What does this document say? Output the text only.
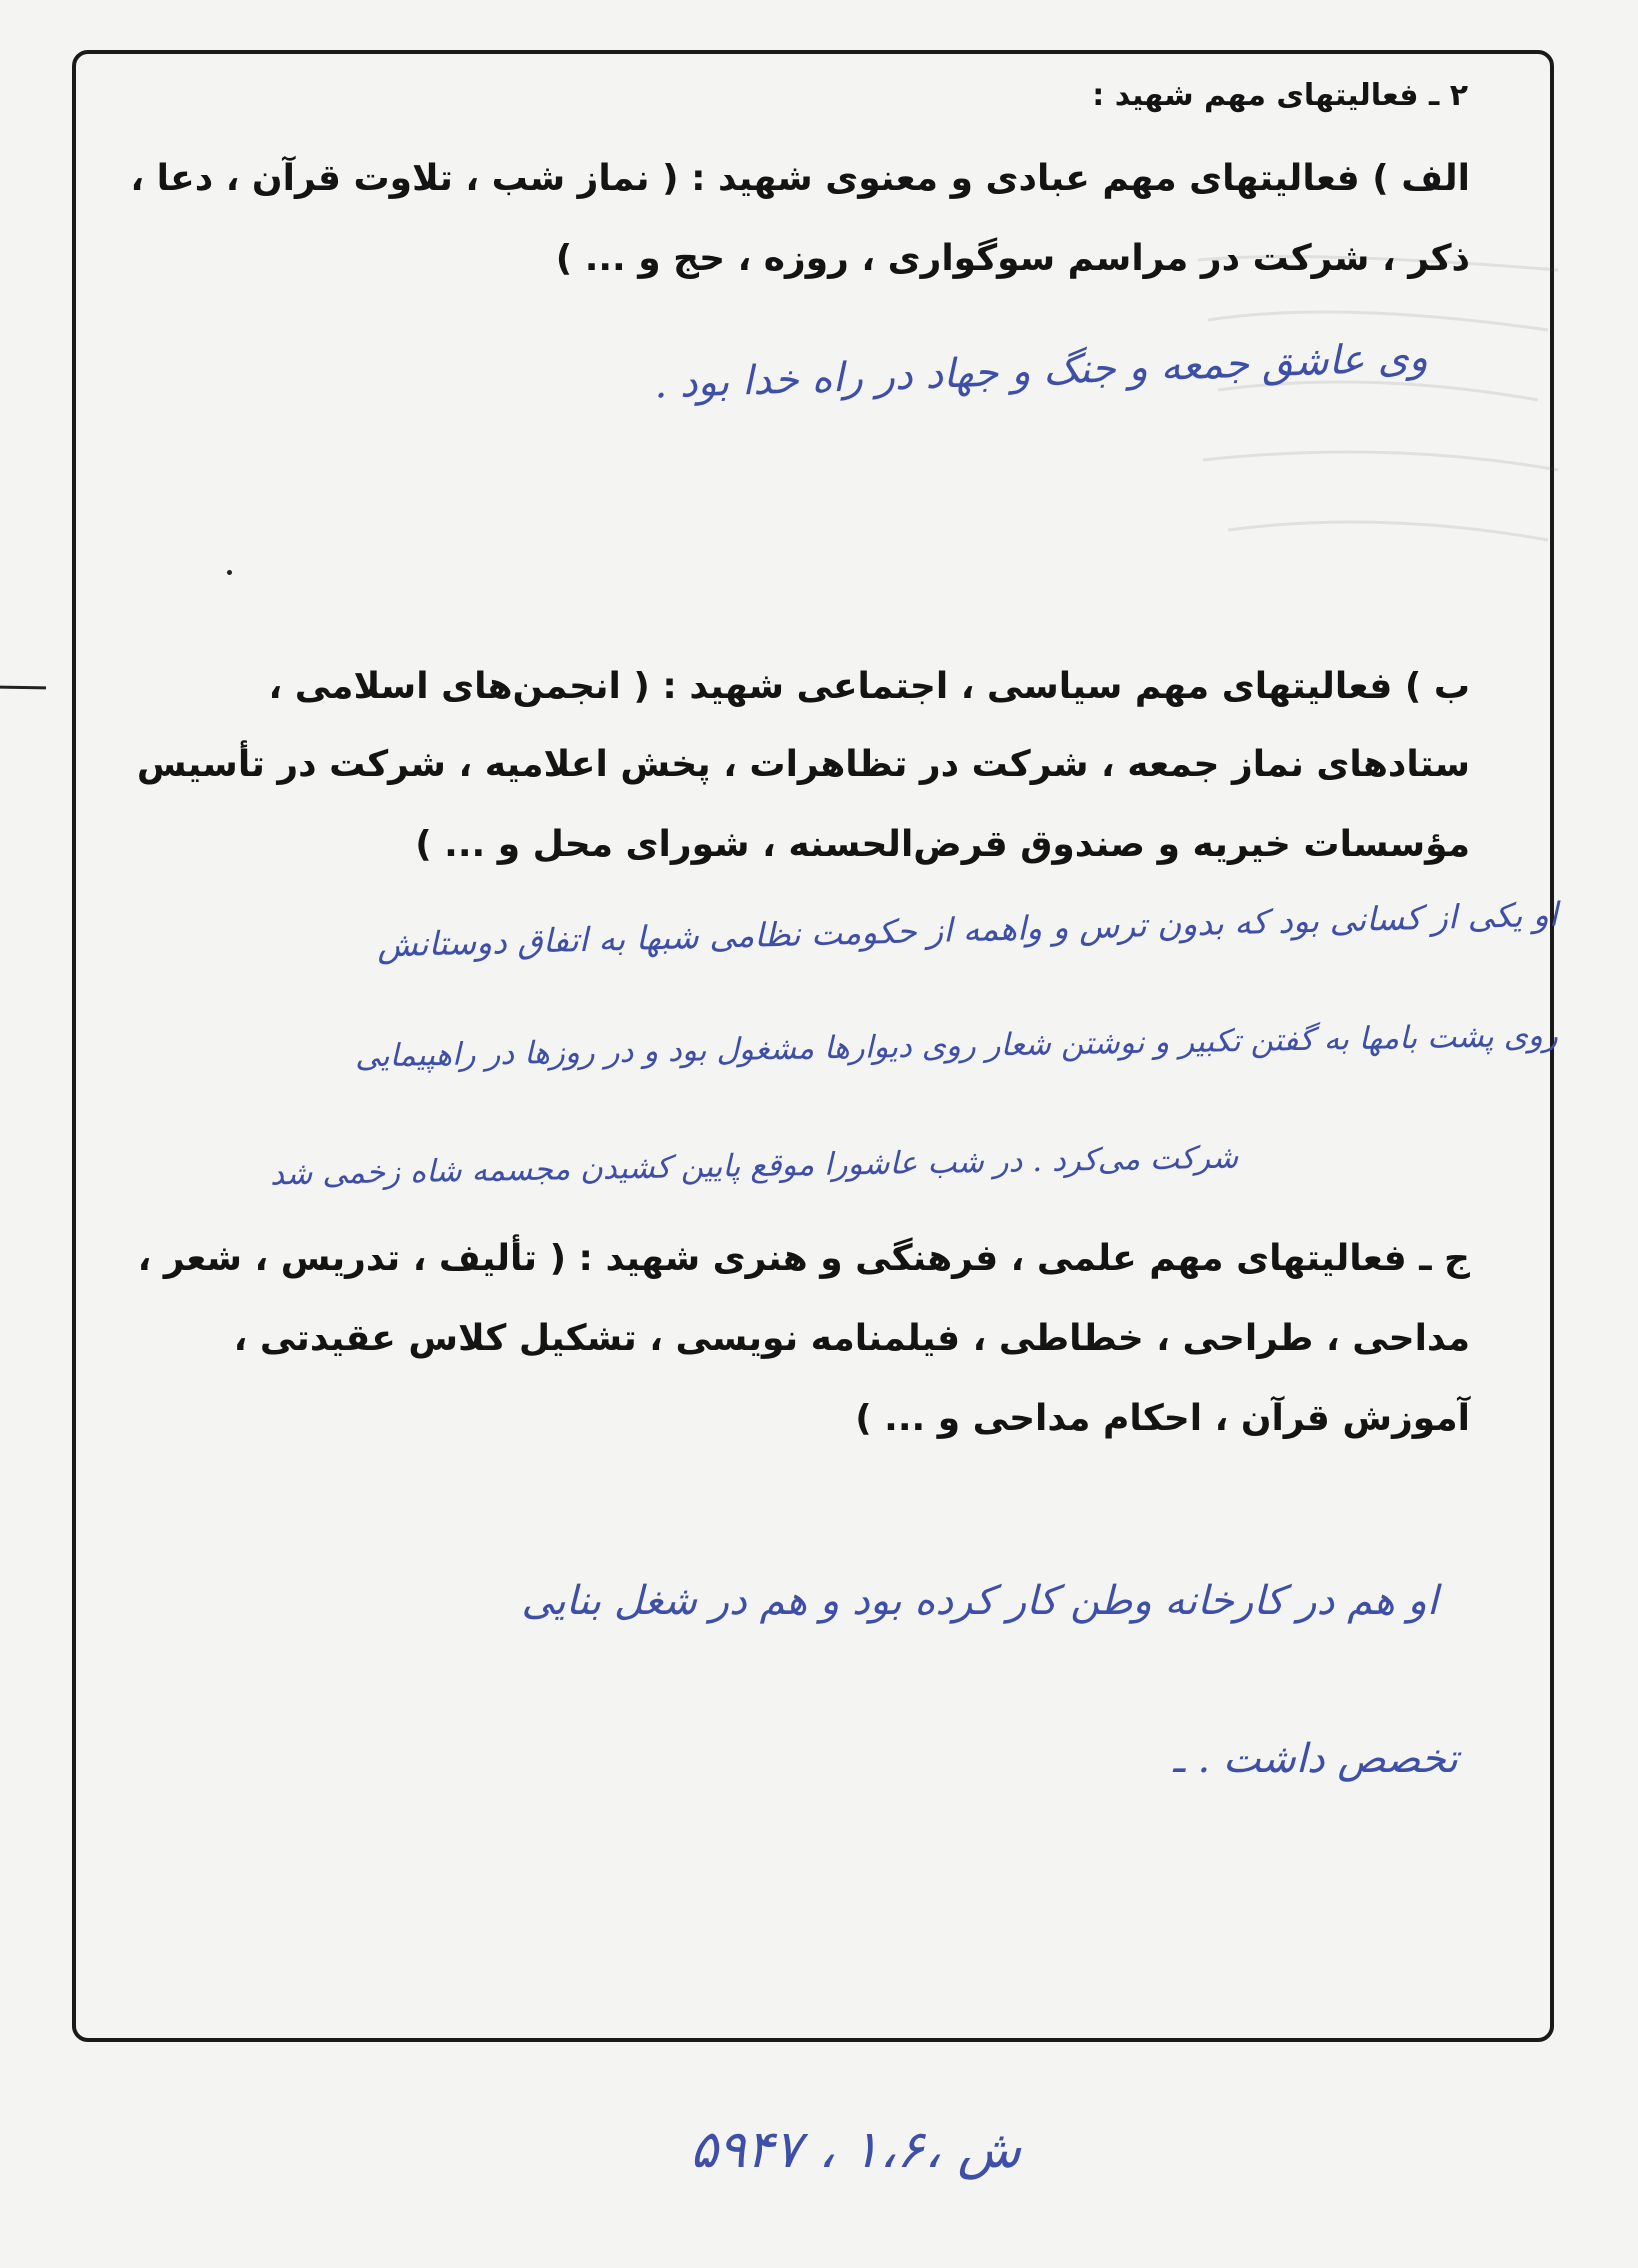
۲ ـ فعالیتهای مهم شهید :

الف ) فعالیتهای مهم عبادی و معنوی شهید : ( نماز شب ، تلاوت قرآن ، دعا ،

ذکر ، شرکت در مراسم سوگواری ، روزه ، حج و ... )

وی عاشق جمعه و جنگ و جهاد در راه خدا بود .

ب ) فعالیتهای مهم سیاسی ، اجتماعی شهید : ( انجمن‌های اسلامی ،

ستادهای نماز جمعه ، شرکت در تظاهرات ، پخش اعلامیه ، شرکت در تأسیس

مؤسسات خیریه و صندوق قرض‌الحسنه ، شورای محل و ... )

او یکی از کسانی بود که بدون ترس و واهمه از حکومت نظامی شبها به اتفاق دوستانش

روی پشت بامها به گفتن تکبیر و نوشتن شعار روی دیوارها مشغول بود و در روزها در راهپیمایی

شرکت می‌کرد . در شب عاشورا موقع پایین کشیدن مجسمه شاه زخمی شد

ج ـ فعالیتهای مهم علمی ، فرهنگی و هنری شهید : ( تألیف ، تدریس ، شعر ،

مداحی ، طراحی ، خطاطی ، فیلمنامه نویسی ، تشکیل کلاس عقیدتی ،

آموزش قرآن ، احکام مداحی و ... )

او هم در کارخانه وطن کار کرده بود و هم در شغل بنایی

تخصص داشت . ـ

۵۹۴۷ ، ۱،۶، ش
